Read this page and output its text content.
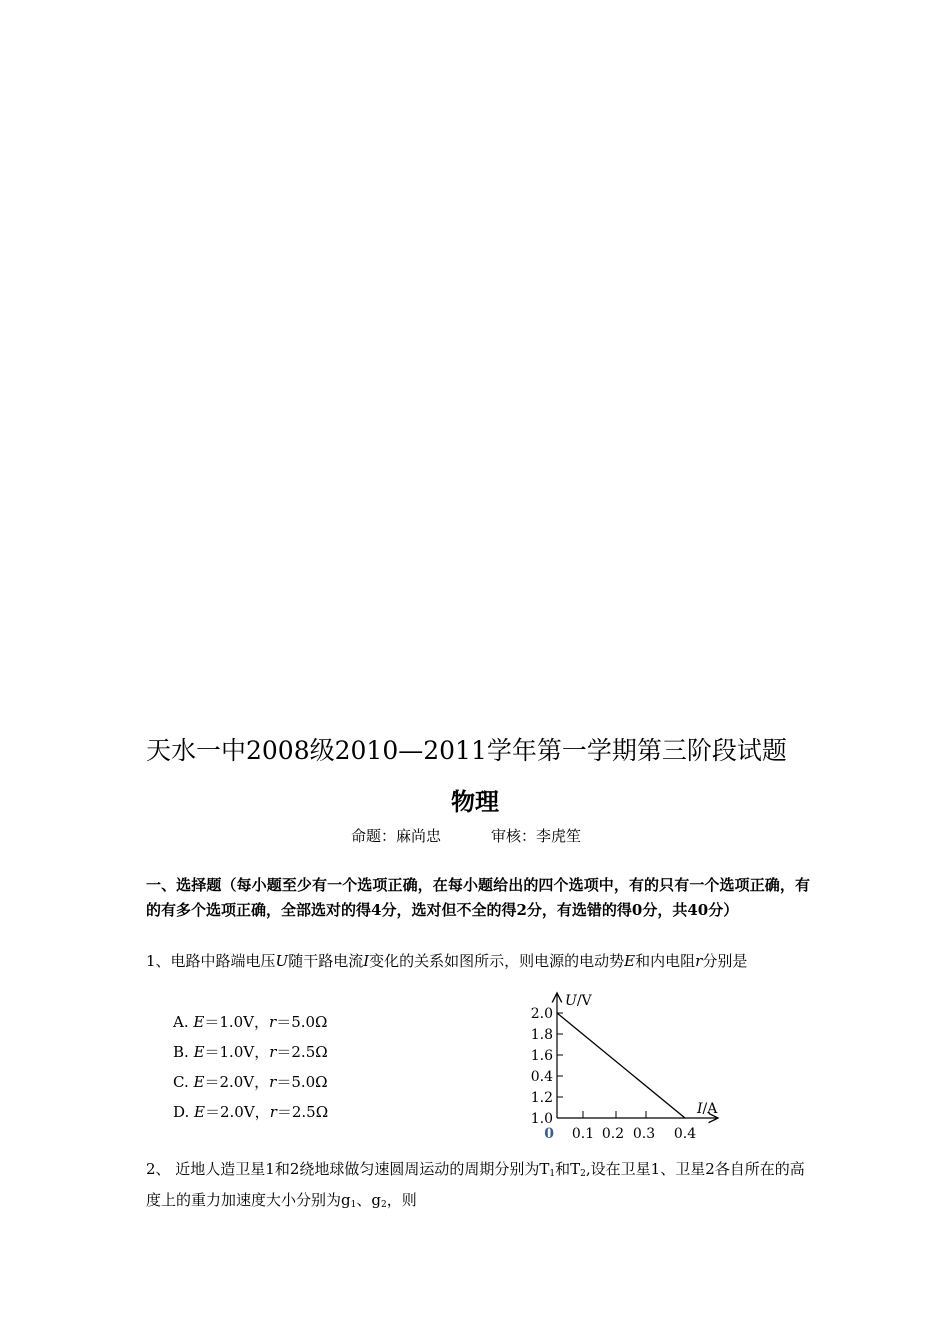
天水一中2008级2010—2011学年第一学期第三阶段试题
物理
命题：麻尚忠	审核：李虎笙
一、选择题（每小题至少有一个选项正确，在每小题给出的四个选项中，有的只有一个选项正确，有的有多个选项正确，全部选对的得4分，选对但不全的得2分，有选错的得0分，共40分）
1、电路中路端电压U随干路电流I变化的关系如图所示，则电源的电动势E和内电阻r分别是
A. E＝1.0V，r＝5.0Ω
B. E＝1.0V，r＝2.5Ω
C. E＝2.0V，r＝5.0Ω
D. E＝2.0V，r＝2.5Ω
2.0
1.8
1.6
0.4
1.2
1.0
0.1 0.2 0.3 0.4
U/V
I/A
0
2、 近地人造卫星1和2绕地球做匀速圆周运动的周期分别为$T_1$和$T_2$,设在卫星1、卫星2各自所在的高度上的重力加速度大小分别为$g_1$、$g_2$，则
